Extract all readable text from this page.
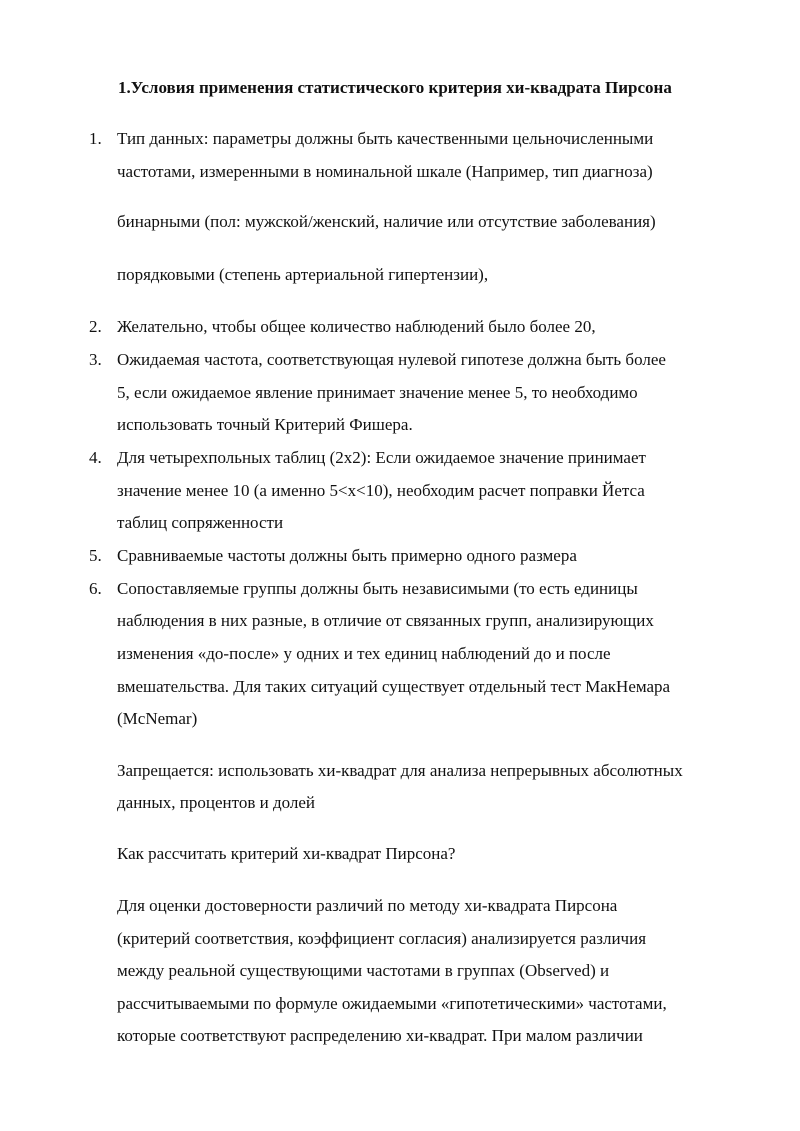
1.Условия применения статистического критерия хи-квадрата Пирсона
1. Тип данных: параметры должны быть качественными цельночисленными
частотами, измеренными в номинальной шкале (Например, тип диагноза)
бинарными (пол: мужской/женский, наличие или отсутствие заболевания)
порядковыми (степень артериальной гипертензии),
2. Желательно, чтобы общее количество наблюдений было более 20,
3. Ожидаемая частота, соответствующая нулевой гипотезе должна быть более
5, если ожидаемое явление принимает значение менее 5, то необходимо
использовать точный Критерий Фишера.
4. Для четырехпольных таблиц (2х2): Если ожидаемое значение принимает
значение менее 10 (а именно 5<x<10), необходим расчет поправки Йетса
таблиц сопряженности
5. Сравниваемые частоты должны быть примерно одного размера
6. Сопоставляемые группы должны быть независимыми (то есть единицы
наблюдения в них разные, в отличие от связанных групп, анализирующих
изменения «до-после» у одних и тех единиц наблюдений до и после
вмешательства. Для таких ситуаций существует отдельный тест МакНемара
(McNemar)
Запрещается: использовать хи-квадрат для анализа непрерывных абсолютных
данных, процентов и долей
Как рассчитать критерий хи-квадрат Пирсона?
Для оценки достоверности различий по методу хи-квадрата Пирсона
(критерий соответствия, коэффициент согласия) анализируется различия
между реальной существующими частотами в группах (Observed) и
рассчитываемыми по формуле ожидаемыми «гипотетическими» частотами,
которые соответствуют распределению хи-квадрат. При малом различии
